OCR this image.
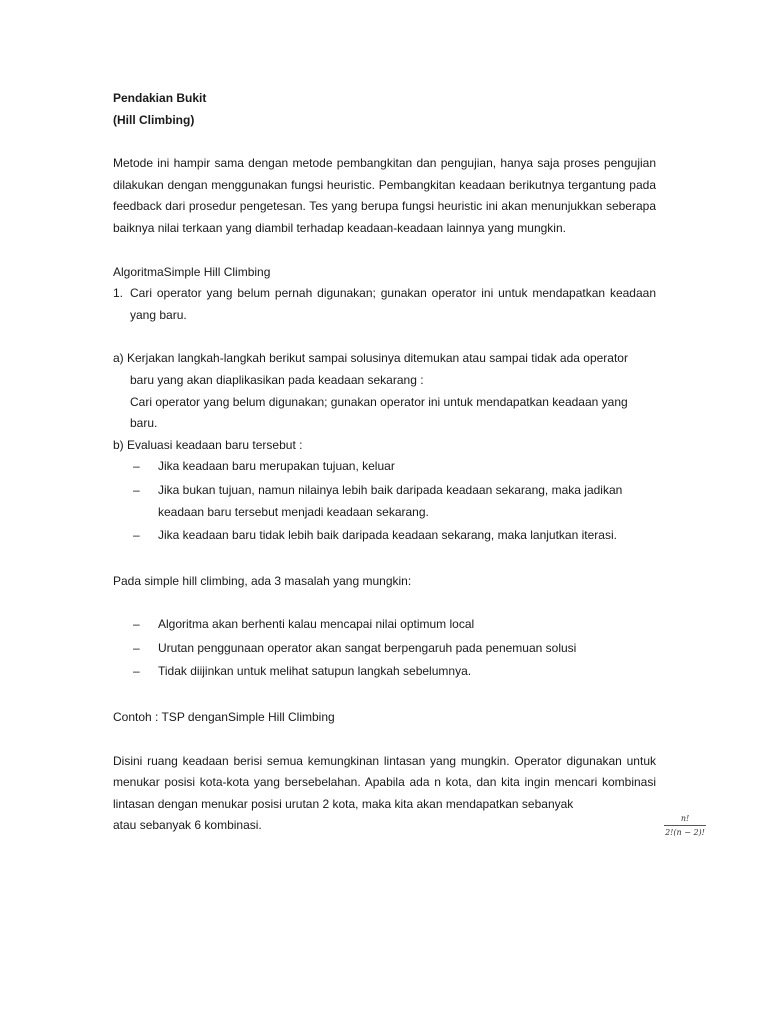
Pendakian Bukit

(Hill Climbing)

Metode ini hampir sama dengan metode pembangkitan dan pengujian, hanya saja proses pengujian dilakukan dengan menggunakan fungsi heuristic. Pembangkitan keadaan berikutnya tergantung pada feedback dari prosedur pengetesan. Tes yang berupa fungsi heuristic ini akan menunjukkan seberapa baiknya nilai terkaan yang diambil terhadap keadaan-keadaan lainnya yang mungkin.

AlgoritmaSimple Hill Climbing

1. Cari operator yang belum pernah digunakan; gunakan operator ini untuk mendapatkan keadaan yang baru.

a) Kerjakan langkah-langkah berikut sampai solusinya ditemukan atau sampai tidak ada operator

baru yang akan diaplikasikan pada keadaan sekarang :

Cari operator yang belum digunakan; gunakan operator ini untuk mendapatkan keadaan yang baru.

b) Evaluasi keadaan baru tersebut :

–	Jika keadaan baru merupakan tujuan, keluar
–	Jika bukan tujuan, namun nilainya lebih baik daripada keadaan sekarang, maka jadikan keadaan baru tersebut menjadi keadaan sekarang.
–	Jika keadaan baru tidak lebih baik daripada keadaan sekarang, maka lanjutkan iterasi.

Pada simple hill climbing, ada 3 masalah yang mungkin:

–	Algoritma akan berhenti kalau mencapai nilai optimum local
–	Urutan penggunaan operator akan sangat berpengaruh pada penemuan solusi
–	Tidak diijinkan untuk melihat satupun langkah sebelumnya.

Contoh : TSP denganSimple Hill Climbing

Disini ruang keadaan berisi semua kemungkinan lintasan yang mungkin. Operator digunakan untuk menukar posisi kota-kota yang bersebelahan. Apabila ada n kota, dan kita ingin mencari kombinasi lintasan dengan menukar posisi urutan 2 kota, maka kita akan mendapatkan sebanyak

atau sebanyak 6 kombinasi.	n!
2!(n − 2)!
